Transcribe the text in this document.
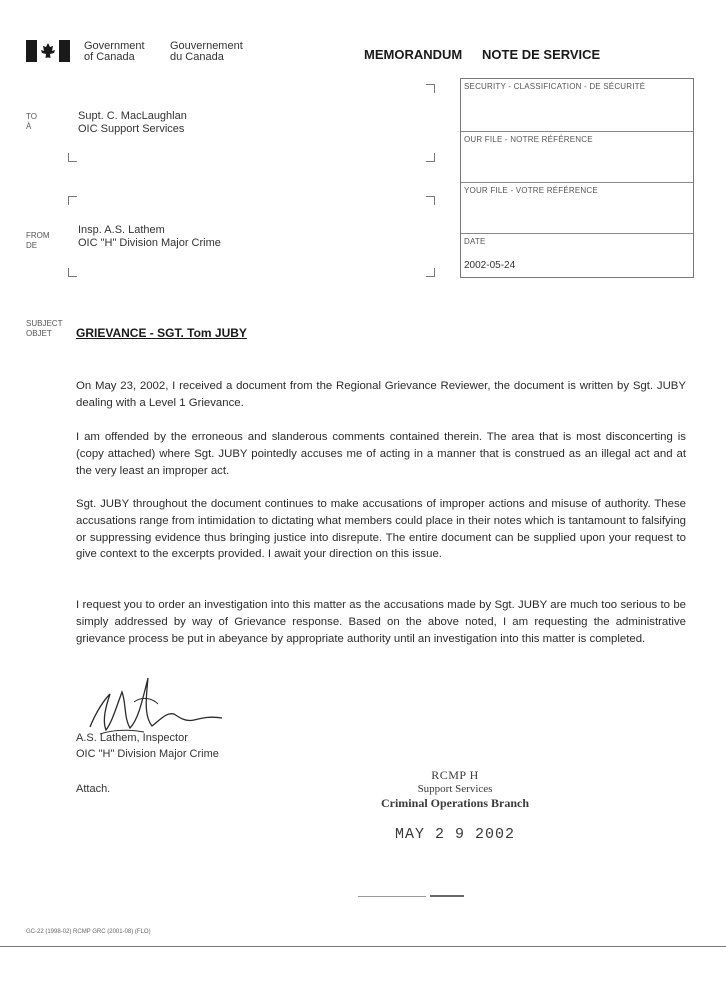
Government
of Canada
Gouvernement
du Canada	MEMORANDUM NOTE DE SERVICE
TO
À
Supt. C. MacLaughlan
OIC Support Services
FROM
DE
Insp. A.S. Lathem
OIC "H" Division Major Crime
SECURITY - CLASSIFICATION - DE SÉCURITÉ
OUR FILE - NOTRE RÉFÉRENCE
YOUR FILE - VOTRE RÉFÉRENCE
DATE
2002-05-24
SUBJECT
OBJET	GRIEVANCE - SGT. Tom JUBY
On May 23, 2002, I received a document from the Regional Grievance Reviewer, the document is written by Sgt. JUBY dealing with a Level 1 Grievance.
I am offended by the erroneous and slanderous comments contained therein. The area that is most disconcerting is (copy attached) where Sgt. JUBY pointedly accuses me of acting in a manner that is construed as an illegal act and at the very least an improper act.
Sgt. JUBY throughout the document continues to make accusations of improper actions and misuse of authority. These accusations range from intimidation to dictating what members could place in their notes which is tantamount to falsifying or suppressing evidence thus bringing justice into disrepute. The entire document can be supplied upon your request to give context to the excerpts provided. I await your direction on this issue.
I request you to order an investigation into this matter as the accusations made by Sgt. JUBY are much too serious to be simply addressed by way of Grievance response. Based on the above noted, I am requesting the administrative grievance process be put in abeyance by appropriate authority until an investigation into this matter is completed.
A.S. Lathem, Inspector
OIC "H" Division Major Crime
Attach.
RCMP H
Support Services
Criminal Operations Branch
MAY 2 9 2002
GC-22 (1998-02) RCMP GRC (2001-08) (FLO)
